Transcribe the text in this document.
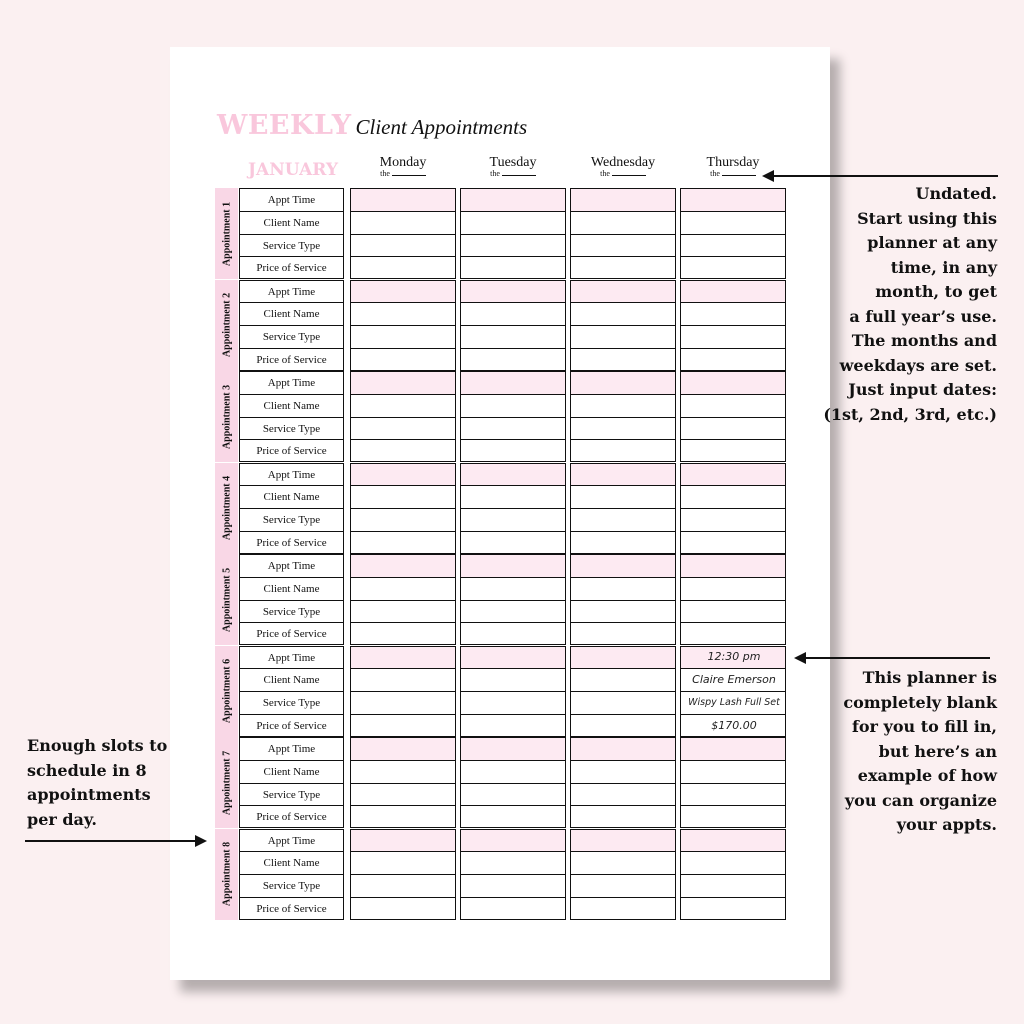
WEEKLY Client Appointments
JANUARY	Monday
the
Tuesday
the
Wednesday
the
Thursday
the
Appointment 1
Appt Time
Client Name
Service Type
Price of Service
Appointment 2
Appt Time
Client Name
Service Type
Price of Service
Appointment 3
Appt Time
Client Name
Service Type
Price of Service
Appointment 4
Appt Time
Client Name
Service Type
Price of Service
Appointment 5
Appt Time
Client Name
Service Type
Price of Service
Appointment 6
Appt Time
Client Name
Service Type
Price of Service
Appointment 7
Appt Time
Client Name
Service Type
Price of Service
Appointment 8
Appt Time
Client Name
Service Type
Price of Service
12:30 pm
Claire Emerson
Wispy Lash Full Set
$170.00
Undated.
Start using this
planner at any
time, in any
month, to get
a full year’s use.
The months and
weekdays are set.
Just input dates:
(1st, 2nd, 3rd, etc.)
This planner is
completely blank
for you to fill in,
but here’s an
example of how
you can organize
your appts.
Enough slots to
schedule in 8
appointments
per day.
